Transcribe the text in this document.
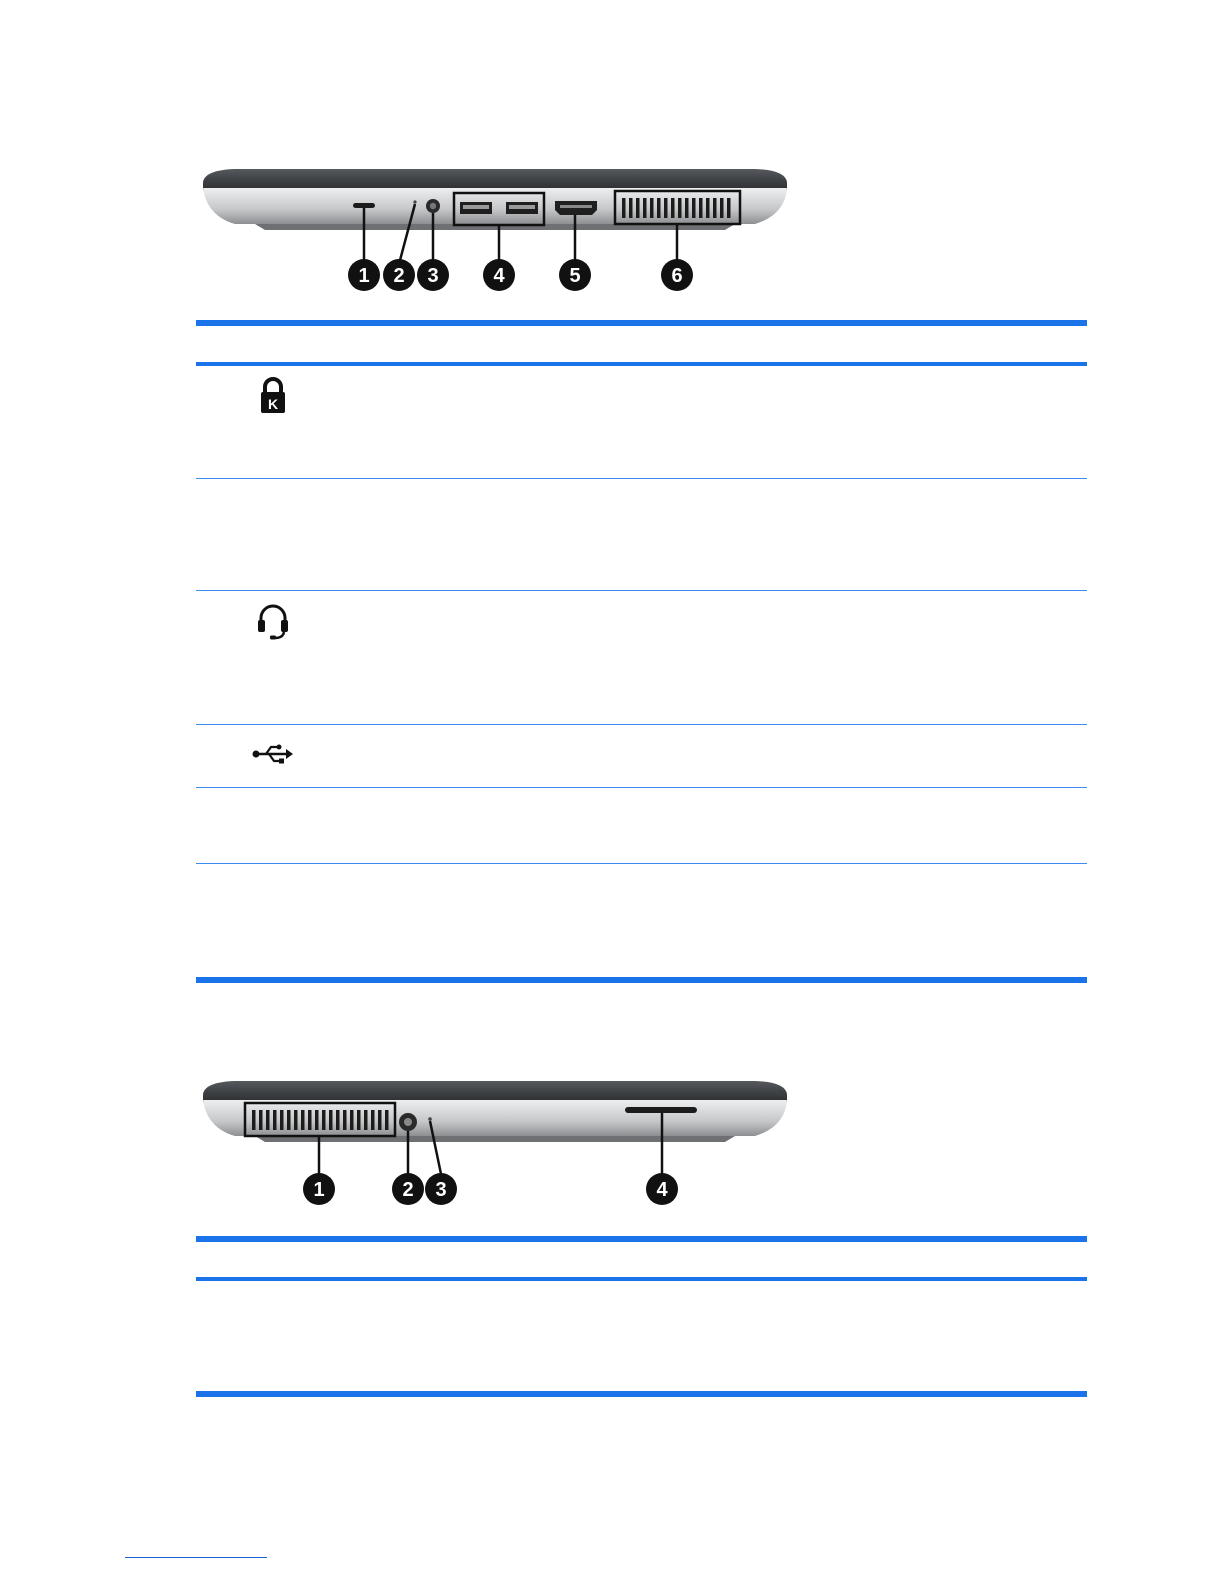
1 2 3	4	5	6
K
1	2 3	4
